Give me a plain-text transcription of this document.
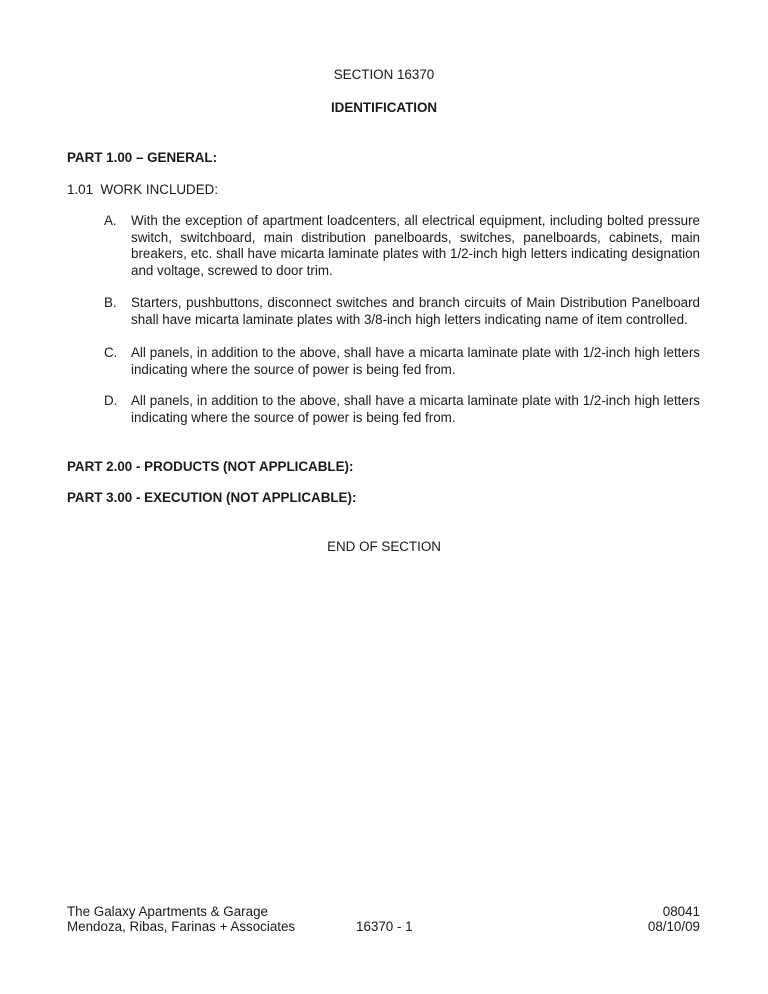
SECTION 16370
IDENTIFICATION
PART 1.00 – GENERAL:
1.01  WORK INCLUDED:
A. With the exception of apartment loadcenters, all electrical equipment, including bolted pressure switch, switchboard, main distribution panelboards, switches, panelboards, cabinets, main breakers, etc. shall have micarta laminate plates with 1/2-inch high letters indicating designation and voltage, screwed to door trim.
B. Starters, pushbuttons, disconnect switches and branch circuits of Main Distribution Panelboard shall have micarta laminate plates with 3/8-inch high letters indicating name of item controlled.
C. All panels, in addition to the above, shall have a micarta laminate plate with 1/2-inch high letters indicating where the source of power is being fed from.
D. All panels, in addition to the above, shall have a micarta laminate plate with 1/2-inch high letters indicating where the source of power is being fed from.
PART 2.00 - PRODUCTS (NOT APPLICABLE):
PART 3.00 - EXECUTION (NOT APPLICABLE):
END OF SECTION
The Galaxy Apartments & Garage
Mendoza, Ribas, Farinas + Associates	16370 - 1
08041
08/10/09
